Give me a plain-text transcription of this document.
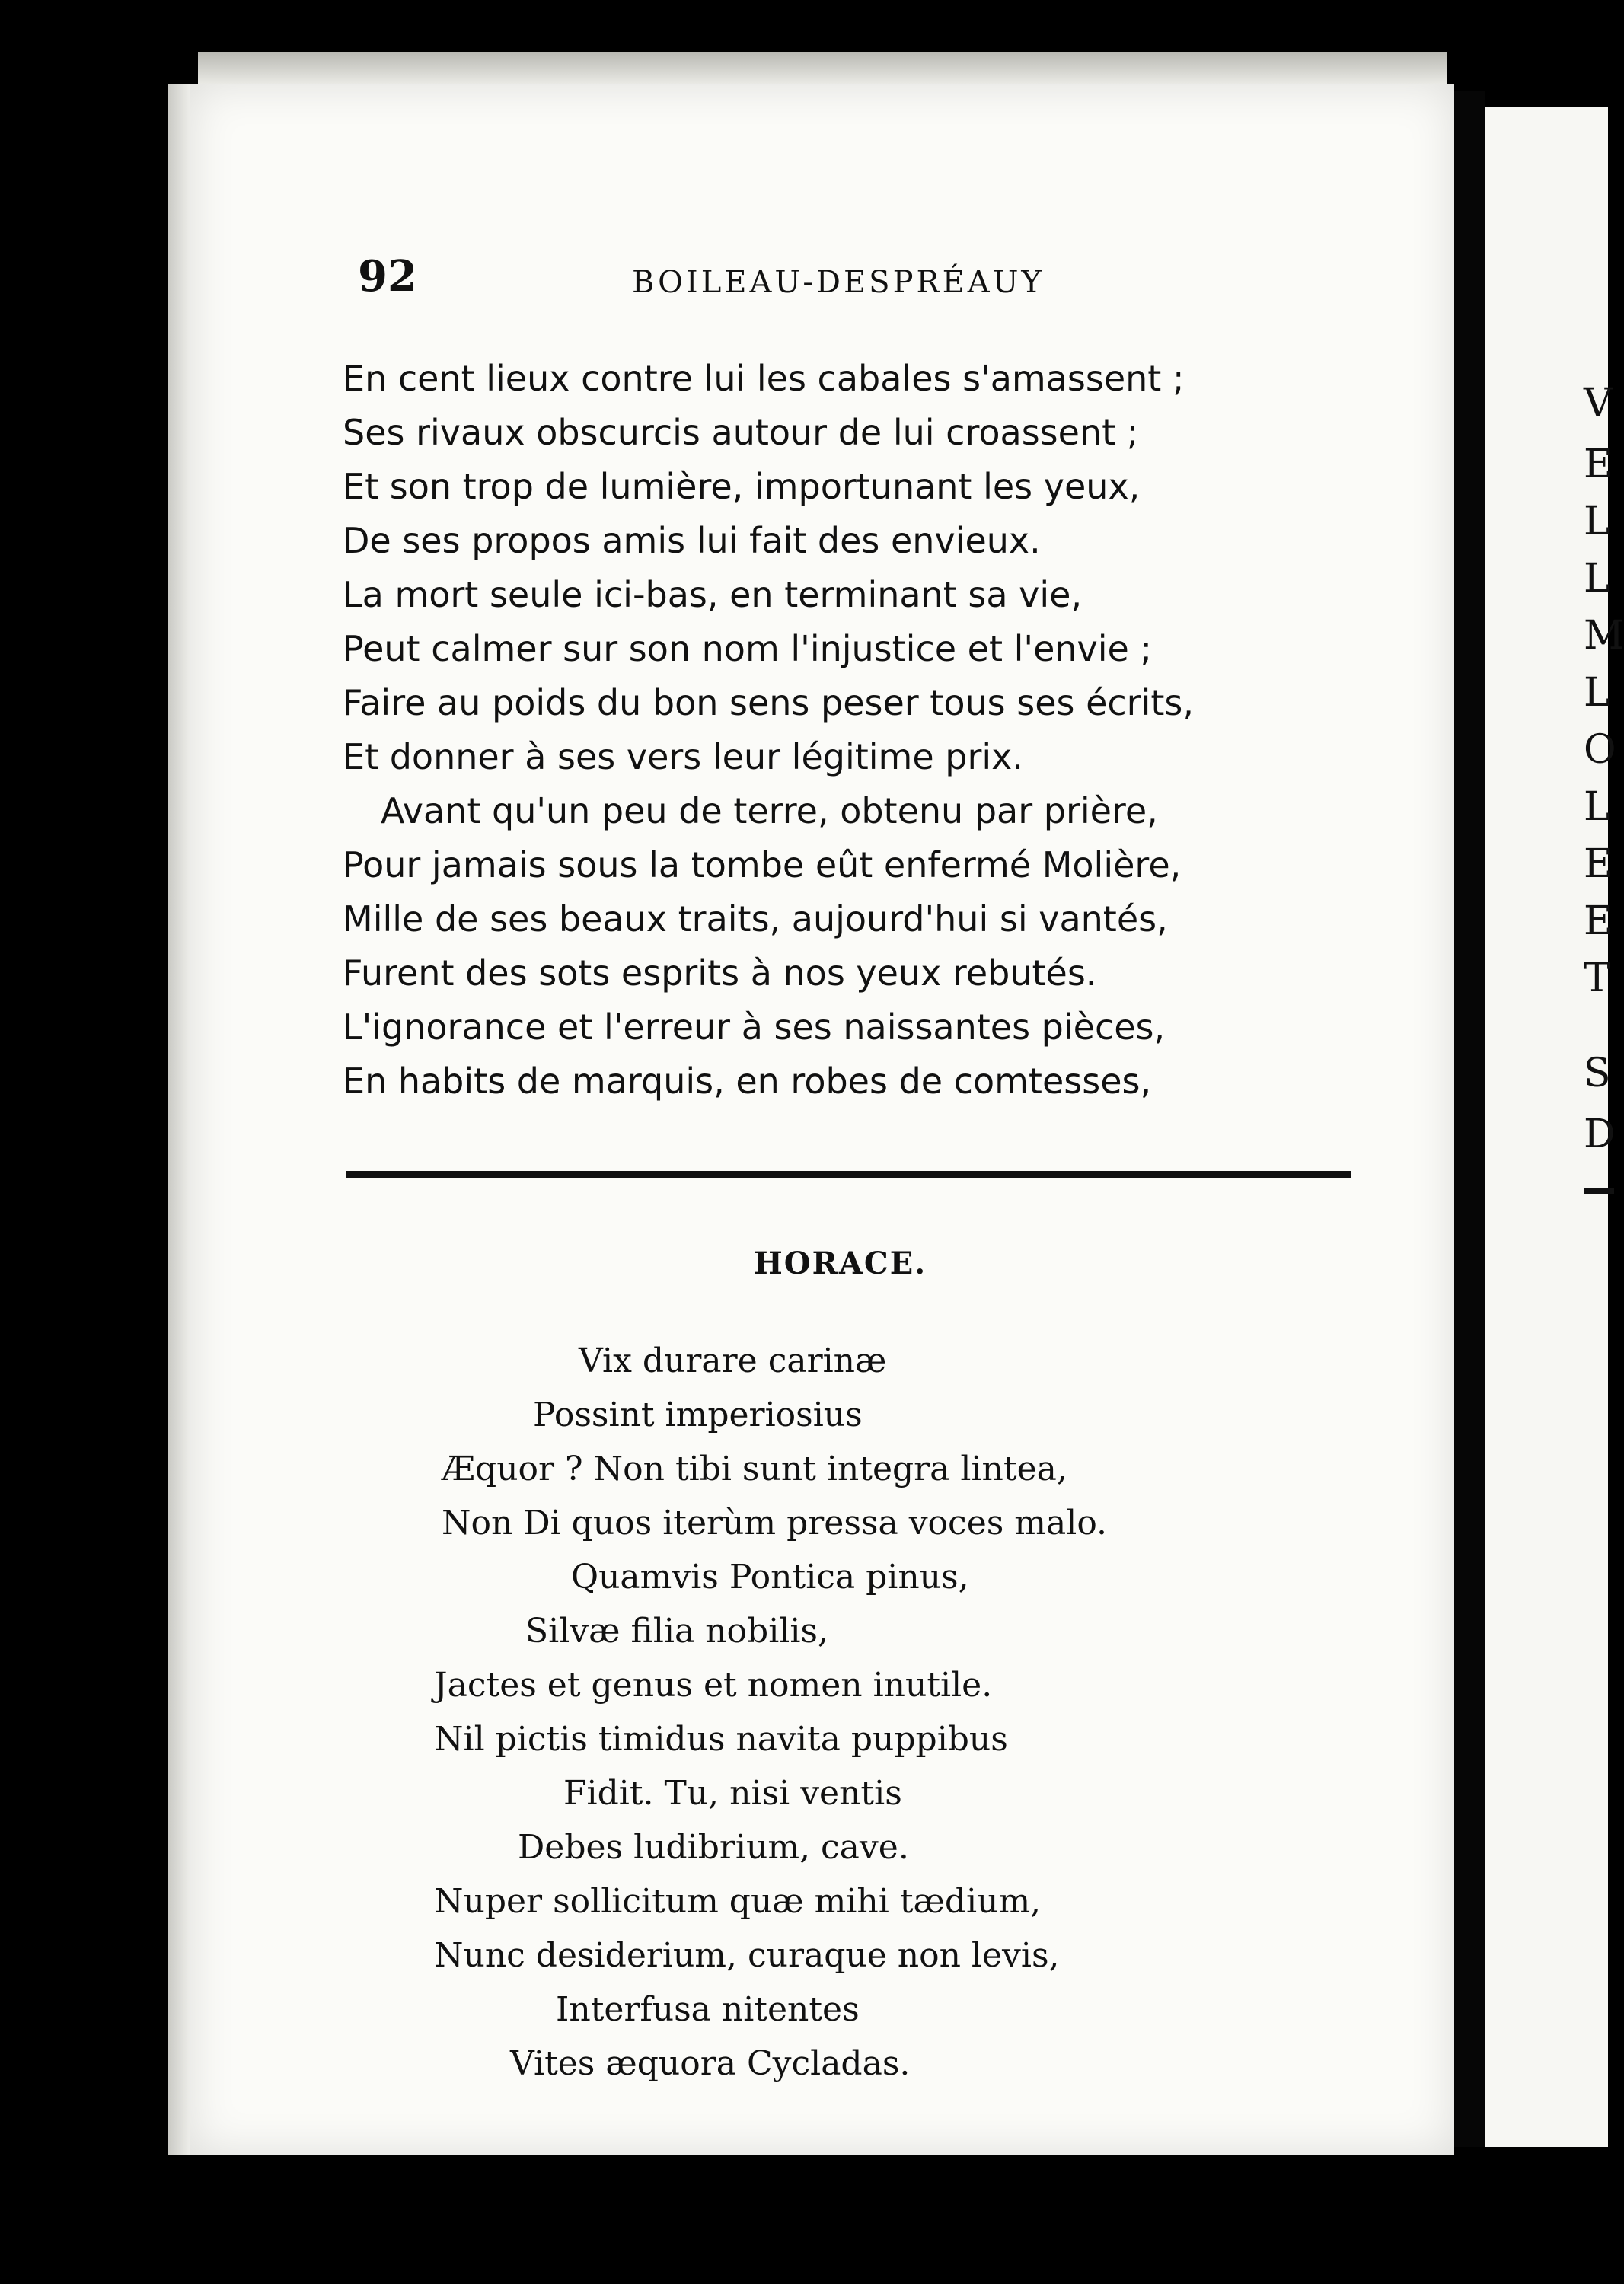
V
E
L
L
M
L
O
L
E
E
T
S
D
92	BOILEAU-DESPRÉAUY

En cent lieux contre lui les cabales s'amassent ;

Ses rivaux obscurcis autour de lui croassent ;

Et son trop de lumière, importunant les yeux,

De ses propos amis lui fait des envieux.

La mort seule ici-bas, en terminant sa vie,

Peut calmer sur son nom l'injustice et l'envie ;

Faire au poids du bon sens peser tous ses écrits,

Et donner à ses vers leur légitime prix.

Avant qu'un peu de terre, obtenu par prière,

Pour jamais sous la tombe eût enfermé Molière,

Mille de ses beaux traits, aujourd'hui si vantés,

Furent des sots esprits à nos yeux rebutés.

L'ignorance et l'erreur à ses naissantes pièces,

En habits de marquis, en robes de comtesses,

HORACE.

Vix durare carinæ

Possint imperiosius

Æquor ? Non tibi sunt integra lintea,

Non Di quos iterùm pressa voces malo.

Quamvis Pontica pinus,

Silvæ filia nobilis,

Jactes et genus et nomen inutile.

Nil pictis timidus navita puppibus

Fidit. Tu, nisi ventis

Debes ludibrium, cave.

Nuper sollicitum quæ mihi tædium,

Nunc desiderium, curaque non levis,

Interfusa nitentes

Vites æquora Cycladas.
